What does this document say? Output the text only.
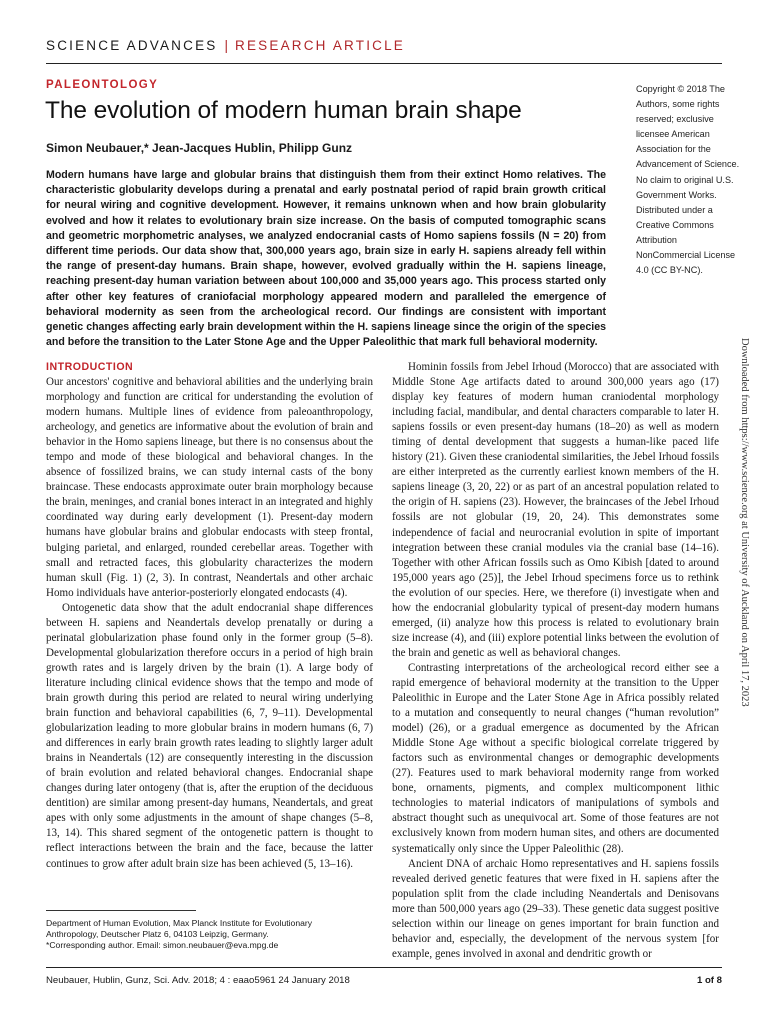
SCIENCE ADVANCES | RESEARCH ARTICLE
PALEONTOLOGY
The evolution of modern human brain shape
Simon Neubauer,* Jean-Jacques Hublin, Philipp Gunz

Modern humans have large and globular brains that distinguish them from their extinct Homo relatives. The characteristic globularity develops during a prenatal and early postnatal period of rapid brain growth critical for neural wiring and cognitive development. However, it remains unknown when and how brain globularity evolved and how it relates to evolutionary brain size increase. On the basis of computed tomographic scans and geometric morphometric analyses, we analyzed endocranial casts of Homo sapiens fossils (N = 20) from different time periods. Our data show that, 300,000 years ago, brain size in early H. sapiens already fell within the range of present-day humans. Brain shape, however, evolved gradually within the H. sapiens lineage, reaching present-day human variation between about 100,000 and 35,000 years ago. This process started only after other key features of craniofacial morphology appeared modern and paralleled the emergence of behavioral modernity as seen from the archeological record. Our findings are consistent with important genetic changes affecting early brain development within the H. sapiens lineage since the origin of the species and before the transition to the Later Stone Age and the Upper Paleolithic that mark full behavioral modernity.

Copyright © 2018 The Authors, some rights reserved; exclusive licensee American Association for the Advancement of Science. No claim to original U.S. Government Works. Distributed under a Creative Commons Attribution NonCommercial License 4.0 (CC BY-NC).
Downloaded from https://www.science.org at University of Auckland on April 17, 2023
INTRODUCTION

Our ancestors' cognitive and behavioral abilities and the underlying brain morphology and function are critical for understanding the evolution of modern humans. Multiple lines of evidence from paleoanthropology, archeology, and genetics are informative about the evolution of brain and behavior in the Homo sapiens lineage, but there is no consensus about the tempo and mode of these biological and behavioral changes. In the absence of fossilized brains, we can study internal casts of the bony braincase. These endocasts approximate outer brain morphology because the brain, meninges, and cranial bones interact in an integrated and highly coordinated way during early development (1). Present-day modern humans have globular brains and globular endocasts with steep frontal, bulging parietal, and enlarged, rounded cerebellar areas. Together with small and retracted faces, this globularity characterizes the modern human skull (Fig. 1) (2, 3). In contrast, Neandertals and other archaic Homo individuals have anterior-posteriorly elongated endocasts (4).

Ontogenetic data show that the adult endocranial shape differences between H. sapiens and Neandertals develop prenatally or during a perinatal globularization phase found only in the former group (5–8). Developmental globularization therefore occurs in a period of high brain growth rates and is largely driven by the brain (1). A large body of literature including clinical evidence shows that the tempo and mode of brain growth during this period are related to neural wiring underlying brain function and behavioral capabilities (6, 7, 9–11). Developmental globularization leading to more globular brains in modern humans (6, 7) and differences in early brain growth rates leading to slightly larger adult brains in Neandertals (12) are consequently interesting in the discussion of brain evolution and related behavioral changes. Endocranial shape changes during later ontogeny (that is, after the eruption of the deciduous dentition) are similar among present-day humans, Neandertals, and great apes with only some adjustments in the amount of shape changes (5–8, 13, 14). This shared segment of the ontogenetic pattern is thought to reflect interactions between the brain and the face, because the latter continues to grow after adult brain size has been achieved (5, 13–16).

Hominin fossils from Jebel Irhoud (Morocco) that are associated with Middle Stone Age artifacts dated to around 300,000 years ago (17) display key features of modern human craniodental morphology including facial, mandibular, and dental characters comparable to later H. sapiens fossils or even present-day humans (18–20) as well as modern timing of dental development that suggests a human-like paced life history (21). Given these craniodental similarities, the Jebel Irhoud fossils are either interpreted as the currently earliest known members of the H. sapiens lineage (3, 20, 22) or as part of an ancestral population related to the origin of H. sapiens (23). However, the braincases of the Jebel Irhoud fossils are not globular (19, 20, 24). This demonstrates some independence of facial and neurocranial evolution in spite of important integration between these cranial modules via the cranial base (14–16). Together with other African fossils such as Omo Kibish [dated to around 195,000 years ago (25)], the Jebel Irhoud specimens force us to rethink the evolution of our species. Here, we therefore (i) investigate when and how the endocranial globularity typical of present-day modern humans emerged, (ii) analyze how this process is related to evolutionary brain size increase (4), and (iii) explore potential links between the evolution of the brain and genetic as well as behavioral changes.

Contrasting interpretations of the archeological record either see a rapid emergence of behavioral modernity at the transition to the Upper Paleolithic in Europe and the Later Stone Age in Africa possibly related to a mutation and consequently to neural changes (“human revolution” model) (26), or a gradual emergence as documented by the African Middle Stone Age without a specific biological correlate triggered by factors such as environmental changes or demographic developments (27). Features used to mark behavioral modernity range from worked bone, ornaments, pigments, and complex multicomponent lithic technologies to material indicators of manipulations of symbols and abstract thought such as unequivocal art. Some of those features are not exclusively known from modern human sites, and others are documented systematically only since the Upper Paleolithic (28).

Ancient DNA of archaic Homo representatives and H. sapiens fossils revealed derived genetic features that were fixed in H. sapiens after the population split from the clade including Neandertals and Denisovans more than 500,000 years ago (29–33). These genetic data suggest positive selection within our lineage on genes important for brain function and behavior and, especially, the development of the nervous system [for example, genes involved in axonal and dendritic growth or

Department of Human Evolution, Max Planck Institute for Evolutionary Anthropology, Deutscher Platz 6, 04103 Leipzig, Germany.
*Corresponding author. Email: simon.neubauer@eva.mpg.de
Neubauer, Hublin, Gunz, Sci. Adv. 2018; 4 : eaao5961 24 January 2018	1 of 8
